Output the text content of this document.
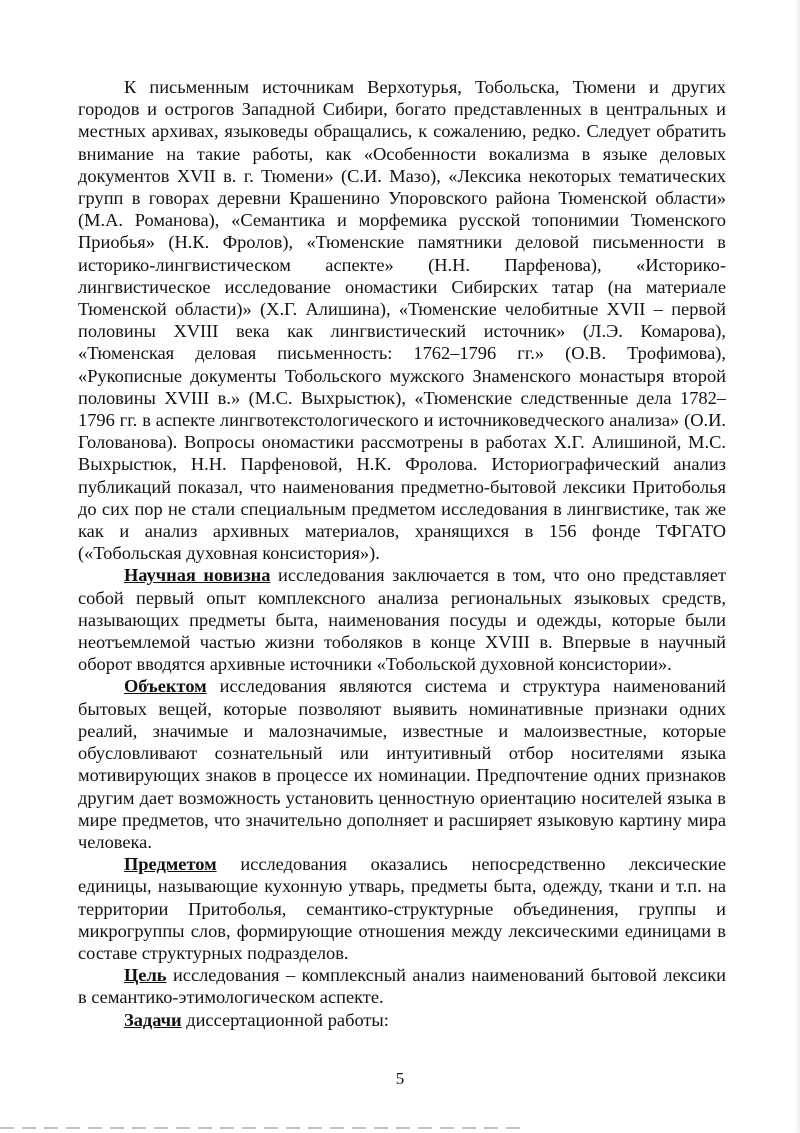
К письменным источникам Верхотурья, Тобольска, Тюмени и других городов и острогов Западной Сибири, богато представленных в центральных и местных архивах, языковеды обращались, к сожалению, редко. Следует обратить внимание на такие работы, как «Особенности вокализма в языке деловых документов XVII в. г. Тюмени» (С.И. Мазо), «Лексика некоторых тематических групп в говорах деревни Крашенино Упоровского района Тюменской области» (М.А. Романова), «Семантика и морфемика русской топонимии Тюменского Приобья» (Н.К. Фролов), «Тюменские памятники деловой письменности в историко-лингвистическом аспекте» (Н.Н. Парфенова), «Историко-лингвистическое исследование ономастики Сибирских татар (на материале Тюменской области)» (Х.Г. Алишина), «Тюменские челобитные XVII – первой половины XVIII века как лингвистический источник» (Л.Э. Комарова), «Тюменская деловая письменность: 1762–1796 гг.» (О.В. Трофимова), «Рукописные документы Тобольского мужского Знаменского монастыря второй половины XVIII в.» (М.С. Выхрыстюк), «Тюменские следственные дела 1782–1796 гг. в аспекте лингвотекстологического и источниковедческого анализа» (О.И. Голованова). Вопросы ономастики рассмотрены в работах Х.Г. Алишиной, М.С. Выхрыстюк, Н.Н. Парфеновой, Н.К. Фролова. Историографический анализ публикаций показал, что наименования предметно-бытовой лексики Притоболья до сих пор не стали специальным предметом исследования в лингвистике, так же как и анализ архивных материалов, хранящихся в 156 фонде ТФГАТО («Тобольская духовная консистория»).

Научная новизна исследования заключается в том, что оно представляет собой первый опыт комплексного анализа региональных языковых средств, называющих предметы быта, наименования посуды и одежды, которые были неотъемлемой частью жизни тоболяков в конце XVIII в. Впервые в научный оборот вводятся архивные источники «Тобольской духовной консистории».

Объектом исследования являются система и структура наименований бытовых вещей, которые позволяют выявить номинативные признаки одних реалий, значимые и малозначимые, известные и малоизвестные, которые обусловливают сознательный или интуитивный отбор носителями языка мотивирующих знаков в процессе их номинации. Предпочтение одних признаков другим дает возможность установить ценностную ориентацию носителей языка в мире предметов, что значительно дополняет и расширяет языковую картину мира человека.

Предметом исследования оказались непосредственно лексические единицы, называющие кухонную утварь, предметы быта, одежду, ткани и т.п. на территории Притоболья, семантико-структурные объединения, группы и микрогруппы слов, формирующие отношения между лексическими единицами в составе структурных подразделов.

Цель исследования – комплексный анализ наименований бытовой лексики в семантико-этимологическом аспекте.

Задачи диссертационной работы:

5
